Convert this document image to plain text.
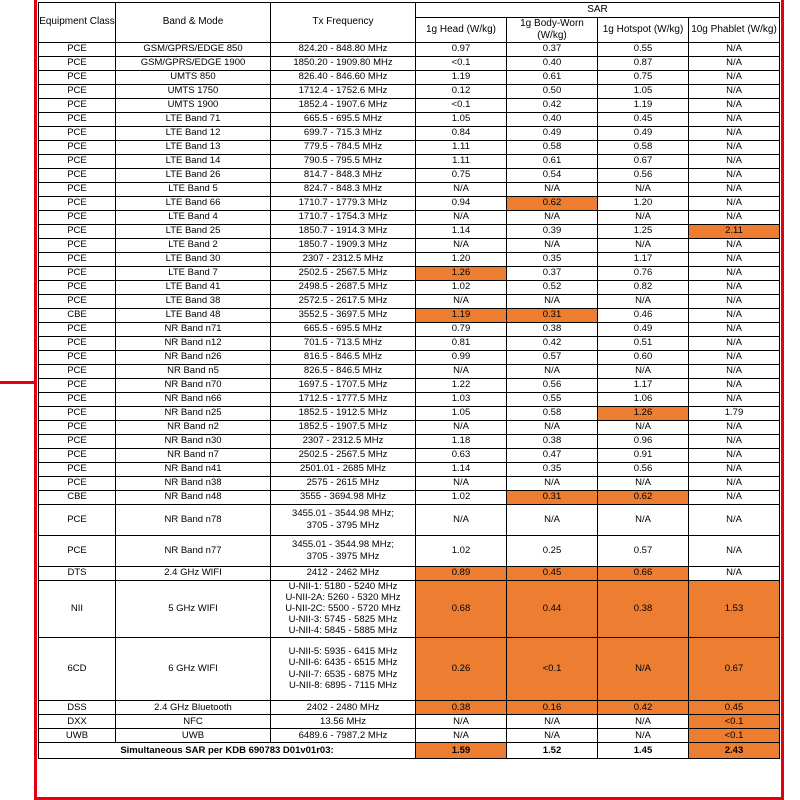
Equipment Class	Band & Mode	Tx Frequency	SAR			
			1g Head (W/kg)	1g Body-Worn (W/kg)	1g Hotspot (W/kg)	10g Phablet (W/kg)
PCE	GSM/GPRS/EDGE 850	824.20 - 848.80 MHz	0.97	0.37	0.55	N/A
PCE	GSM/GPRS/EDGE 1900	1850.20 - 1909.80 MHz	<0.1	0.40	0.87	N/A
PCE	UMTS 850	826.40 - 846.60 MHz	1.19	0.61	0.75	N/A
PCE	UMTS 1750	1712.4 - 1752.6 MHz	0.12	0.50	1.05	N/A
PCE	UMTS 1900	1852.4 - 1907.6 MHz	<0.1	0.42	1.19	N/A
PCE	LTE Band 71	665.5 - 695.5 MHz	1.05	0.40	0.45	N/A
PCE	LTE Band 12	699.7 - 715.3 MHz	0.84	0.49	0.49	N/A
PCE	LTE Band 13	779.5 - 784.5 MHz	1.11	0.58	0.58	N/A
PCE	LTE Band 14	790.5 - 795.5 MHz	1.11	0.61	0.67	N/A
PCE	LTE Band 26	814.7 - 848.3 MHz	0.75	0.54	0.56	N/A
PCE	LTE Band 5	824.7 - 848.3 MHz	N/A	N/A	N/A	N/A
PCE	LTE Band 66	1710.7 - 1779.3 MHz	0.94	0.62	1.20	N/A
PCE	LTE Band 4	1710.7 - 1754.3 MHz	N/A	N/A	N/A	N/A
PCE	LTE Band 25	1850.7 - 1914.3 MHz	1.14	0.39	1.25	2.11
PCE	LTE Band 2	1850.7 - 1909.3 MHz	N/A	N/A	N/A	N/A
PCE	LTE Band 30	2307 - 2312.5 MHz	1.20	0.35	1.17	N/A
PCE	LTE Band 7	2502.5 - 2567.5 MHz	1.26	0.37	0.76	N/A
PCE	LTE Band 41	2498.5 - 2687.5 MHz	1.02	0.52	0.82	N/A
PCE	LTE Band 38	2572.5 - 2617.5 MHz	N/A	N/A	N/A	N/A
CBE	LTE Band 48	3552.5 - 3697.5 MHz	1.19	0.31	0.46	N/A
PCE	NR Band n71	665.5 - 695.5 MHz	0.79	0.38	0.49	N/A
PCE	NR Band n12	701.5 - 713.5 MHz	0.81	0.42	0.51	N/A
PCE	NR Band n26	816.5 - 846.5 MHz	0.99	0.57	0.60	N/A
PCE	NR Band n5	826.5 - 846.5 MHz	N/A	N/A	N/A	N/A
PCE	NR Band n70	1697.5 - 1707.5 MHz	1.22	0.56	1.17	N/A
PCE	NR Band n66	1712.5 - 1777.5 MHz	1.03	0.55	1.06	N/A
PCE	NR Band n25	1852.5 - 1912.5 MHz	1.05	0.58	1.26	1.79
PCE	NR Band n2	1852.5 - 1907.5 MHz	N/A	N/A	N/A	N/A
PCE	NR Band n30	2307 - 2312.5 MHz	1.18	0.38	0.96	N/A
PCE	NR Band n7	2502.5 - 2567.5 MHz	0.63	0.47	0.91	N/A
PCE	NR Band n41	2501.01 - 2685 MHz	1.14	0.35	0.56	N/A
PCE	NR Band n38	2575 - 2615 MHz	N/A	N/A	N/A	N/A
CBE	NR Band n48	3555 - 3694.98 MHz	1.02	0.31	0.62	N/A
PCE	NR Band n78	3455.01 - 3544.98 MHz;
3705 - 3795 MHz	N/A	N/A	N/A	N/A
PCE	NR Band n77	3455.01 - 3544.98 MHz;
3705 - 3975 MHz	1.02	0.25	0.57	N/A
DTS	2.4 GHz WIFI	2412 - 2462 MHz	0.89	0.45	0.66	N/A
NII	5 GHz WIFI	U-NII-1: 5180 - 5240 MHz
U-NII-2A: 5260 - 5320 MHz
U-NII-2C: 5500 - 5720 MHz
U-NII-3: 5745 - 5825 MHz
U-NII-4: 5845 - 5885 MHz	0.68	0.44	0.38	1.53
6CD	6 GHz WIFI	U-NII-5: 5935 - 6415 MHz
U-NII-6: 6435 - 6515 MHz
U-NII-7: 6535 - 6875 MHz
U-NII-8: 6895 - 7115 MHz	0.26	<0.1	N/A	0.67
DSS	2.4 GHz Bluetooth	2402 - 2480 MHz	0.38	0.16	0.42	0.45
DXX	NFC	13.56 MHz	N/A	N/A	N/A	<0.1
UWB	UWB	6489.6 - 7987.2 MHz	N/A	N/A	N/A	<0.1
Simultaneous SAR per KDB 690783 D01v01r03:			1.59	1.52	1.45	2.43
